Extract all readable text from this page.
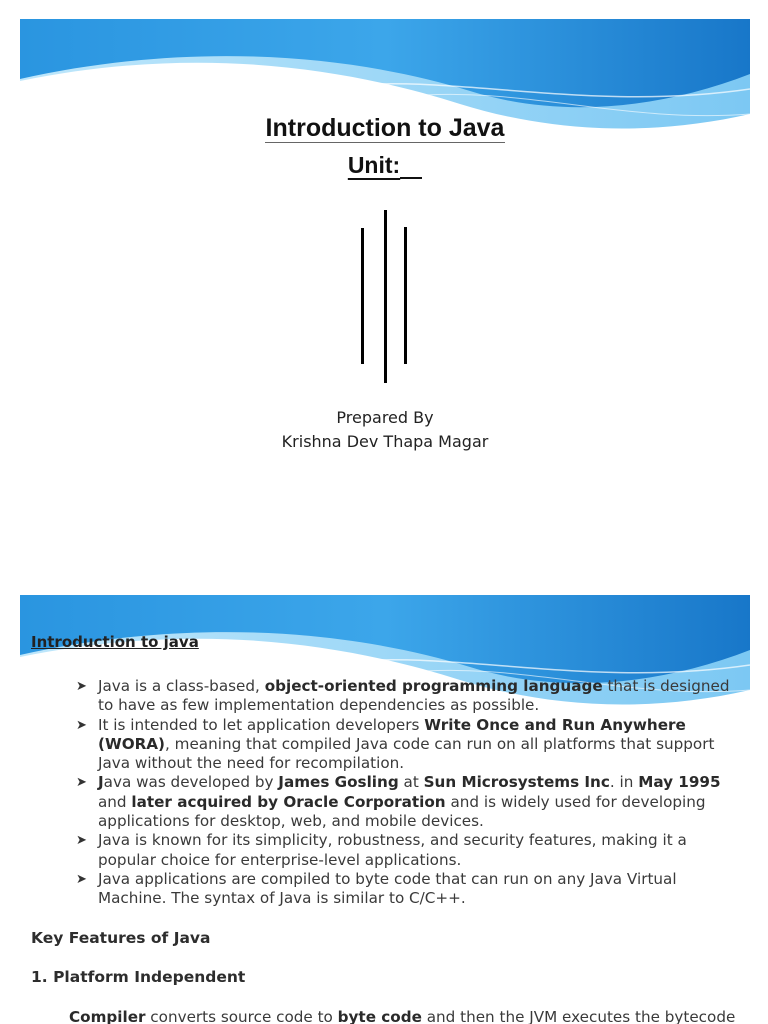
Introduction to Java
Unit:
Prepared By
Krishna Dev Thapa Magar
Introduction to java
➤ Java is a class-based, object-oriented programming language that is designed to have as few implementation dependencies as possible.
➤ It is intended to let application developers Write Once and Run Anywhere (WORA), meaning that compiled Java code can run on all platforms that support Java without the need for recompilation.
➤ Java was developed by James Gosling at Sun Microsystems Inc. in May 1995 and later acquired by Oracle Corporation and is widely used for developing applications for desktop, web, and mobile devices.
➤ Java is known for its simplicity, robustness, and security features, making it a popular choice for enterprise-level applications.
➤ Java applications are compiled to byte code that can run on any Java Virtual Machine. The syntax of Java is similar to C/C++.
Key Features of Java
1. Platform Independent
Compiler converts source code to byte code and then the JVM executes the bytecode
